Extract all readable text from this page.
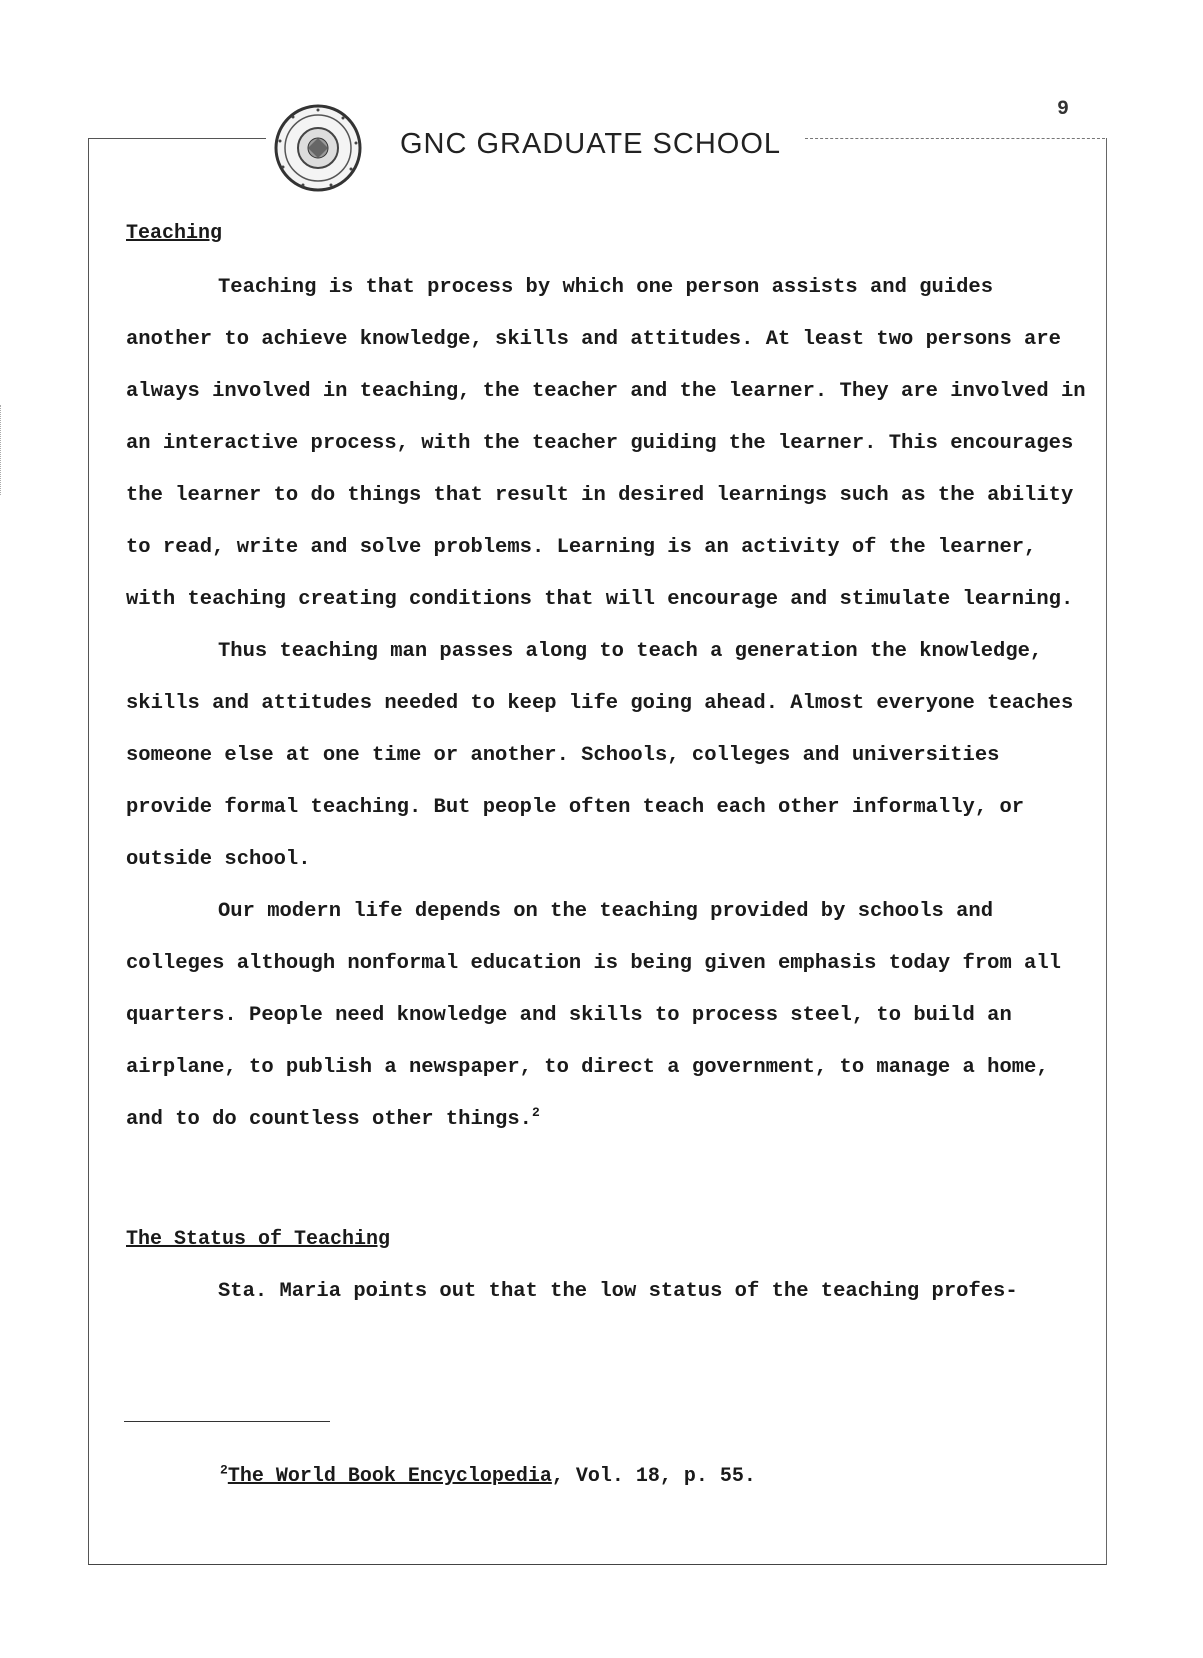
GNC GRADUATE SCHOOL
9
Teaching

Teaching is that process by which one person assists and guides another to achieve knowledge, skills and attitudes. At least two persons are always involved in teaching, the teacher and the learner. They are involved in an interactive process, with the teacher guiding the learner. This encourages the learner to do things that result in desired learnings such as the ability to read, write and solve problems. Learning is an activity of the learner, with teaching creating conditions that will encourage and stimulate learning.

Thus teaching man passes along to teach a generation the knowledge, skills and attitudes needed to keep life going ahead. Almost everyone teaches someone else at one time or another. Schools, colleges and universities provide formal teaching. But people often teach each other informally, or outside school.

Our modern life depends on the teaching provided by schools and colleges although nonformal education is being given emphasis today from all quarters. People need knowledge and skills to process steel, to build an airplane, to publish a newspaper, to direct a government, to manage a home, and to do countless other things.$^2$

The Status of Teaching

Sta. Maria points out that the low status of the teaching profes-

$^2$The World Book Encyclopedia, Vol. 18, p. 55.
